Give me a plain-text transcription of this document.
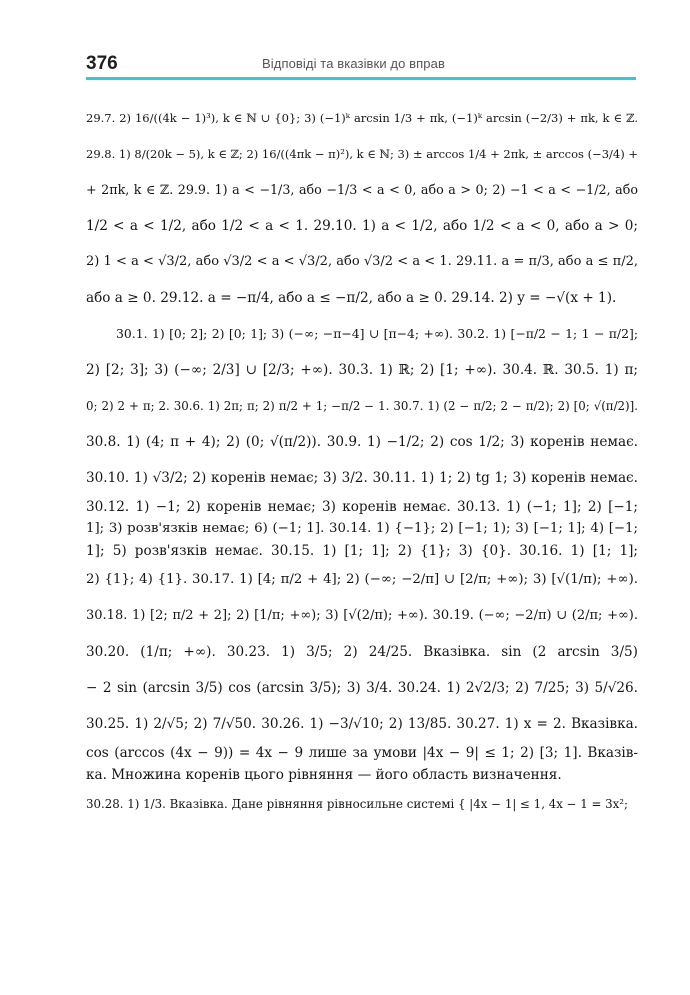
376	Відповіді та вказівки до вправ
29.7. 2) 16/((4k − 1)³), k ∈ ℕ ∪ {0}; 3) (−1)ᵏ arcsin 1/3 + πk, (−1)ᵏ arcsin (−2/3) + πk, k ∈ ℤ.
29.8. 1) 8/(20k − 5), k ∈ ℤ; 2) 16/((4πk − π)²), k ∈ ℕ; 3) ± arccos 1/4 + 2πk, ± arccos (−3/4) +
+ 2πk, k ∈ ℤ. 29.9. 1) a < −1/3, або −1/3 < a < 0, або a > 0; 2) −1 < a < −1/2, або
1/2 < a < 1/2, або 1/2 < a < 1. 29.10. 1) a < 1/2, або 1/2 < a < 0, або a > 0;
2) 1 < a < √3/2, або √3/2 < a < √3/2, або √3/2 < a < 1. 29.11. a = π/3, або a ≤ π/2,
або a ≥ 0. 29.12. a = −π/4, або a ≤ −π/2, або a ≥ 0. 29.14. 2) y = −√(x + 1).
30.1. 1) [0; 2]; 2) [0; 1]; 3) (−∞; −π−4] ∪ [π−4; +∞). 30.2. 1) [−π/2 − 1; 1 − π/2];
2) [2; 3]; 3) (−∞; 2/3] ∪ [2/3; +∞). 30.3. 1) ℝ; 2) [1; +∞). 30.4. ℝ. 30.5. 1) π;
0; 2) 2 + π; 2. 30.6. 1) 2π; π; 2) π/2 + 1; −π/2 − 1. 30.7. 1) (2 − π/2; 2 − π/2); 2) [0; √(π/2)].
30.8. 1) (4; π + 4); 2) (0; √(π/2)). 30.9. 1) −1/2; 2) cos 1/2; 3) коренів немає.
30.10. 1) √3/2; 2) коренів немає; 3) 3/2. 30.11. 1) 1; 2) tg 1; 3) коренів немає.
30.12. 1) −1; 2) коренів немає; 3) коренів немає. 30.13. 1) (−1; 1]; 2) [−1;
1]; 3) розв'язків немає; 6) (−1; 1]. 30.14. 1) {−1}; 2) [−1; 1); 3) [−1; 1]; 4) [−1;
1]; 5) розв'язків немає. 30.15. 1) [1; 1]; 2) {1}; 3) {0}. 30.16. 1) [1; 1];
2) {1}; 4) {1}. 30.17. 1) [4; π/2 + 4]; 2) (−∞; −2/π] ∪ [2/π; +∞); 3) [√(1/π); +∞).
30.18. 1) [2; π/2 + 2]; 2) [1/π; +∞); 3) [√(2/π); +∞). 30.19. (−∞; −2/π) ∪ (2/π; +∞).
30.20. (1/π; +∞). 30.23. 1) 3/5; 2) 24/25. Вказівка. sin (2 arcsin 3/5)
− 2 sin (arcsin 3/5) cos (arcsin 3/5); 3) 3/4. 30.24. 1) 2√2/3; 2) 7/25; 3) 5/√26.
30.25. 1) 2/√5; 2) 7/√50. 30.26. 1) −3/√10; 2) 13/85. 30.27. 1) x = 2. Вказівка.
cos (arccos (4x − 9)) = 4x − 9 лише за умови |4x − 9| ≤ 1; 2) [3; 1]. Вказів-
ка. Множина коренів цього рівняння — його область визначення.
30.28. 1) 1/3. Вказівка. Дане рівняння рівносильне системі { |4x − 1| ≤ 1, 4x − 1 = 3x²;
